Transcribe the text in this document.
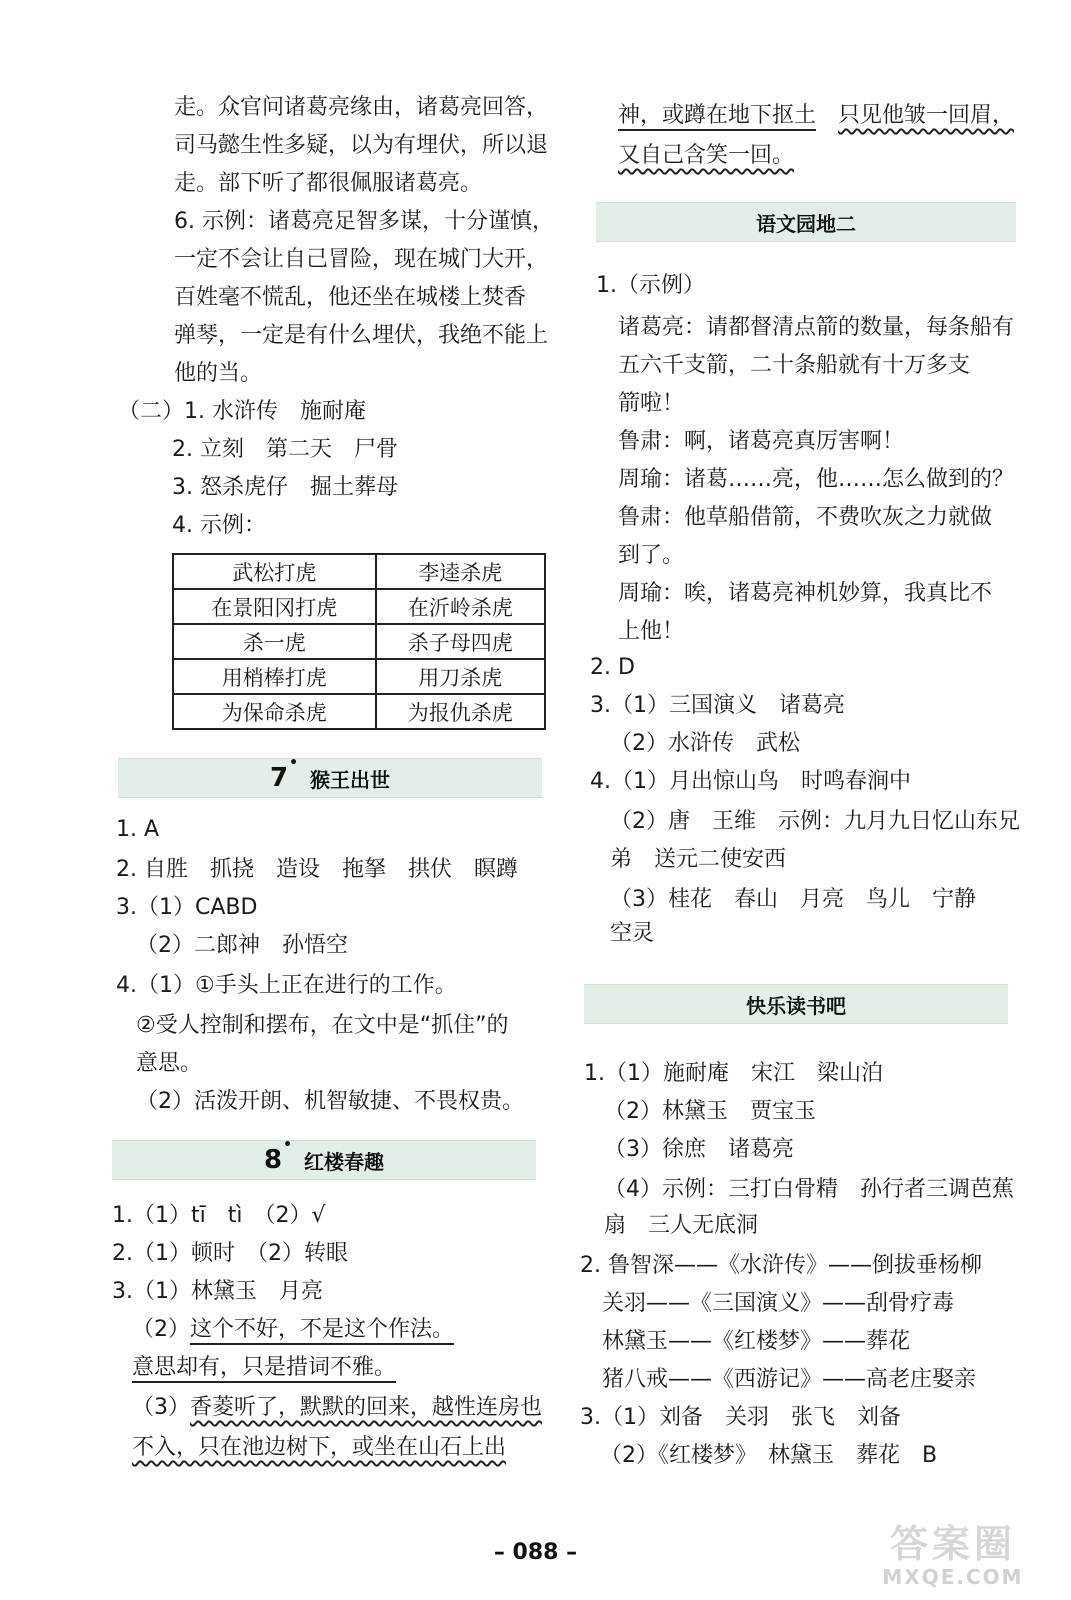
走。众官问诸葛亮缘由，诸葛亮回答，
司马懿生性多疑，以为有埋伏，所以退
走。部下听了都很佩服诸葛亮。
6. 示例：诸葛亮足智多谋，十分谨慎，
一定不会让自己冒险，现在城门大开，
百姓毫不慌乱，他还坐在城楼上焚香
弹琴，一定是有什么埋伏，我绝不能上
他的当。
（二）1. 水浒传　施耐庵
2. 立刻　第二天　尸骨
3. 怒杀虎仔　掘土葬母
4. 示例：
武松打虎	李逵杀虎
在景阳冈打虎	在沂岭杀虎
杀一虎	杀子母四虎
用梢棒打虎	用刀杀虎
为保命杀虎	为报仇杀虎
7 • 猴王出世
1. A
2. 自胜　抓挠　造设　拖拏　拱伏　瞑蹲
3.（1）CABD
（2）二郎神　孙悟空
4.（1）①手头上正在进行的工作。
②受人控制和摆布，在文中是“抓住”的
意思。
（2）活泼开朗、机智敏捷、不畏权贵。
8 • 红楼春趣
1.（1）tī　tì　（2）√
2.（1）顿时　（2）转眼
3.（1）林黛玉　月亮
（2）这个不好，不是这个作法。
意思却有，只是措词不雅。
（3）香菱听了，默默的回来，越性连房也
不入，只在池边树下，或坐在山石上出
神，或蹲在地下抠土　 只见他皱一回眉，
又自己含笑一回。
语文园地二
1.（示例）
诸葛亮：请都督清点箭的数量，每条船有
五六千支箭，二十条船就有十万多支
箭啦！
鲁肃：啊，诸葛亮真厉害啊！
周瑜：诸葛……亮，他……怎么做到的？
鲁肃：他草船借箭，不费吹灰之力就做
到了。
周瑜：唉，诸葛亮神机妙算，我真比不
上他！
2. D
3.（1）三国演义　诸葛亮
（2）水浒传　武松
4.（1）月出惊山鸟　时鸣春涧中
（2）唐　王维　示例：九月九日忆山东兄
弟　送元二使安西
（3）桂花　春山　月亮　鸟儿　宁静
空灵
快乐读书吧
1.（1）施耐庵　宋江　梁山泊
（2）林黛玉　贾宝玉
（3）徐庶　诸葛亮
（4）示例：三打白骨精　孙行者三调芭蕉
扇　三人无底洞
2. 鲁智深——《水浒传》——倒拔垂杨柳
关羽——《三国演义》——刮骨疗毒
林黛玉——《红楼梦》——葬花
猪八戒——《西游记》——高老庄娶亲
3.（1）刘备　关羽　张飞　刘备
（2）《红楼梦》　林黛玉　葬花　B
– 088 –	答案圈
MXQE.COM
